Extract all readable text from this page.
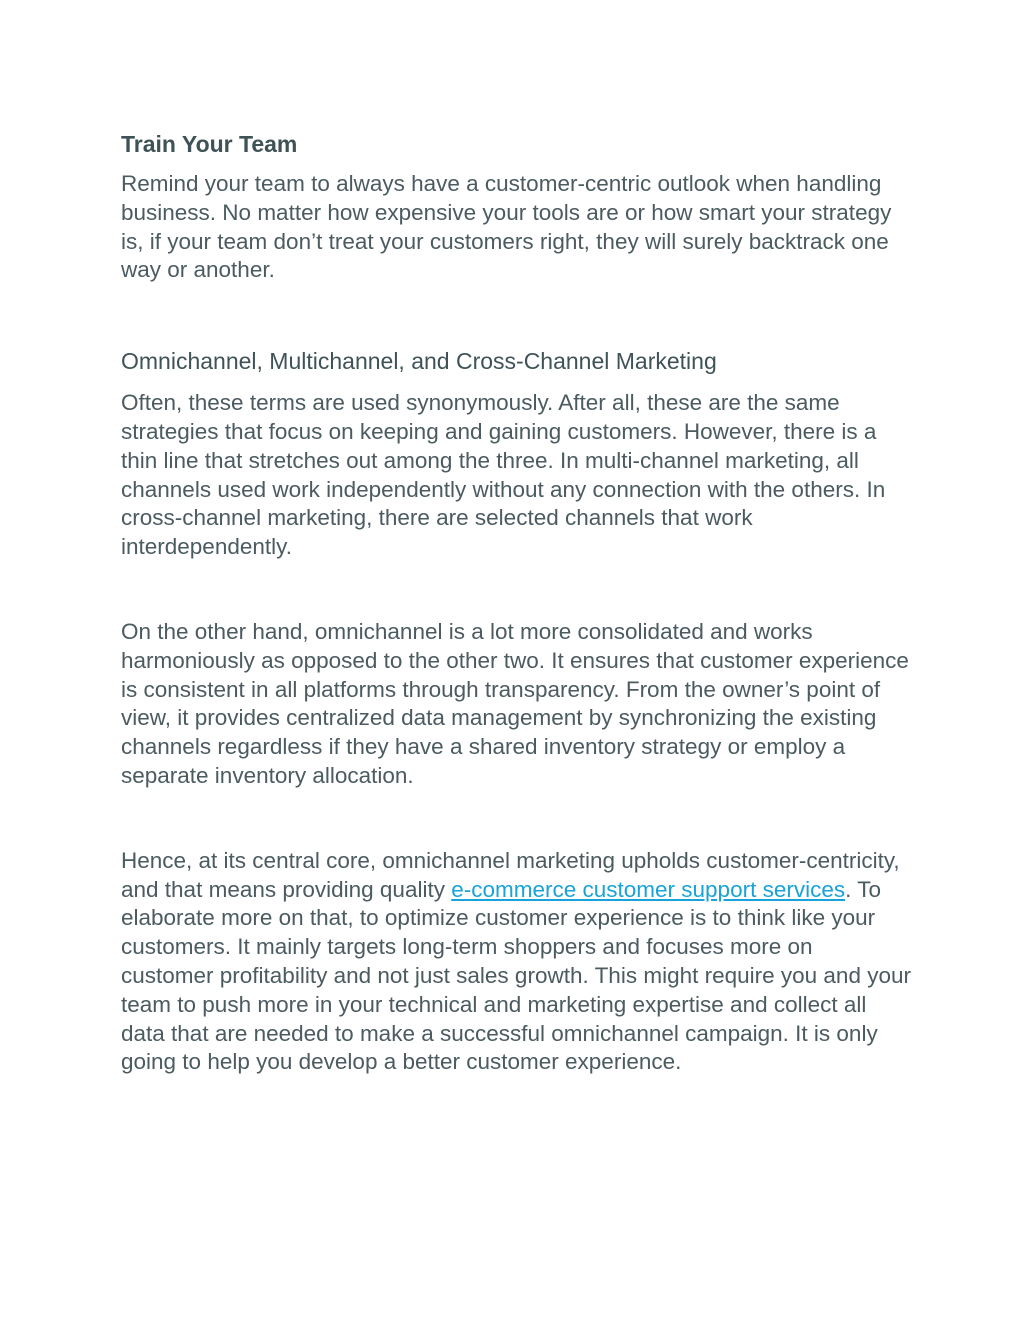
Train Your Team

Remind your team to always have a customer-centric outlook when handling business. No matter how expensive your tools are or how smart your strategy is, if your team don’t treat your customers right, they will surely backtrack one way or another.

Omnichannel, Multichannel, and Cross-Channel Marketing

Often, these terms are used synonymously. After all, these are the same strategies that focus on keeping and gaining customers. However, there is a thin line that stretches out among the three. In multi-channel marketing, all channels used work independently without any connection with the others. In cross-channel marketing, there are selected channels that work interdependently.

On the other hand, omnichannel is a lot more consolidated and works harmoniously as opposed to the other two. It ensures that customer experience is consistent in all platforms through transparency. From the owner’s point of view, it provides centralized data management by synchronizing the existing channels regardless if they have a shared inventory strategy or employ a separate inventory allocation.

Hence, at its central core, omnichannel marketing upholds customer-centricity, and that means providing quality e-commerce customer support services. To elaborate more on that, to optimize customer experience is to think like your customers. It mainly targets long-term shoppers and focuses more on customer profitability and not just sales growth. This might require you and your team to push more in your technical and marketing expertise and collect all data that are needed to make a successful omnichannel campaign. It is only going to help you develop a better customer experience.
